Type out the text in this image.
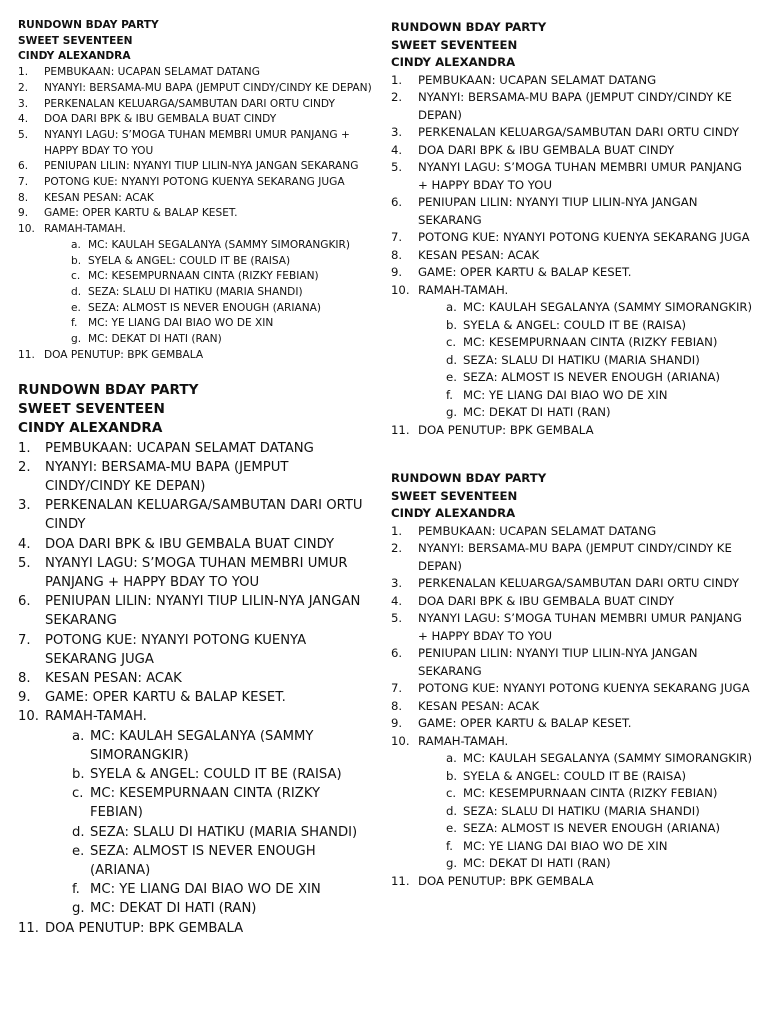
RUNDOWN BDAY PARTY
SWEET SEVENTEEN
CINDY ALEXANDRA
1. PEMBUKAAN: UCAPAN SELAMAT DATANG
2. NYANYI: BERSAMA-MU BAPA (JEMPUT CINDY/CINDY KE DEPAN)
3. PERKENALAN KELUARGA/SAMBUTAN DARI ORTU CINDY
4. DOA DARI BPK & IBU GEMBALA BUAT CINDY
5. NYANYI LAGU: S’MOGA TUHAN MEMBRI UMUR PANJANG + HAPPY BDAY TO YOU
6. PENIUPAN LILIN: NYANYI TIUP LILIN-NYA JANGAN SEKARANG
7. POTONG KUE: NYANYI POTONG KUENYA SEKARANG JUGA
8. KESAN PESAN: ACAK
9. GAME: OPER KARTU & BALAP KESET.
10. RAMAH-TAMAH.
a. MC: KAULAH SEGALANYA (SAMMY SIMORANGKIR)
b. SYELA & ANGEL: COULD IT BE (RAISA)
c. MC: KESEMPURNAAN CINTA (RIZKY FEBIAN)
d. SEZA: SLALU DI HATIKU (MARIA SHANDI)
e. SEZA: ALMOST IS NEVER ENOUGH (ARIANA)
f. MC: YE LIANG DAI BIAO WO DE XIN
g. MC: DEKAT DI HATI (RAN)
11. DOA PENUTUP: BPK GEMBALA
RUNDOWN BDAY PARTY
SWEET SEVENTEEN
CINDY ALEXANDRA
1. PEMBUKAAN: UCAPAN SELAMAT DATANG
2. NYANYI: BERSAMA-MU BAPA (JEMPUT CINDY/CINDY KE DEPAN)
3. PERKENALAN KELUARGA/SAMBUTAN DARI ORTU CINDY
4. DOA DARI BPK & IBU GEMBALA BUAT CINDY
5. NYANYI LAGU: S’MOGA TUHAN MEMBRI UMUR PANJANG + HAPPY BDAY TO YOU
6. PENIUPAN LILIN: NYANYI TIUP LILIN-NYA JANGAN SEKARANG
7. POTONG KUE: NYANYI POTONG KUENYA SEKARANG JUGA
8. KESAN PESAN: ACAK
9. GAME: OPER KARTU & BALAP KESET.
10. RAMAH-TAMAH.
a. MC: KAULAH SEGALANYA (SAMMY SIMORANGKIR)
b. SYELA & ANGEL: COULD IT BE (RAISA)
c. MC: KESEMPURNAAN CINTA (RIZKY FEBIAN)
d. SEZA: SLALU DI HATIKU (MARIA SHANDI)
e. SEZA: ALMOST IS NEVER ENOUGH (ARIANA)
f. MC: YE LIANG DAI BIAO WO DE XIN
g. MC: DEKAT DI HATI (RAN)
11. DOA PENUTUP: BPK GEMBALA
RUNDOWN BDAY PARTY
SWEET SEVENTEEN
CINDY ALEXANDRA
1. PEMBUKAAN: UCAPAN SELAMAT DATANG
2. NYANYI: BERSAMA-MU BAPA (JEMPUT CINDY/CINDY KE DEPAN)
3. PERKENALAN KELUARGA/SAMBUTAN DARI ORTU CINDY
4. DOA DARI BPK & IBU GEMBALA BUAT CINDY
5. NYANYI LAGU: S’MOGA TUHAN MEMBRI UMUR PANJANG + HAPPY BDAY TO YOU
6. PENIUPAN LILIN: NYANYI TIUP LILIN-NYA JANGAN SEKARANG
7. POTONG KUE: NYANYI POTONG KUENYA SEKARANG JUGA
8. KESAN PESAN: ACAK
9. GAME: OPER KARTU & BALAP KESET.
10. RAMAH-TAMAH.
a. MC: KAULAH SEGALANYA (SAMMY SIMORANGKIR)
b. SYELA & ANGEL: COULD IT BE (RAISA)
c. MC: KESEMPURNAAN CINTA (RIZKY FEBIAN)
d. SEZA: SLALU DI HATIKU (MARIA SHANDI)
e. SEZA: ALMOST IS NEVER ENOUGH (ARIANA)
f. MC: YE LIANG DAI BIAO WO DE XIN
g. MC: DEKAT DI HATI (RAN)
11. DOA PENUTUP: BPK GEMBALA
RUNDOWN BDAY PARTY
SWEET SEVENTEEN
CINDY ALEXANDRA
1. PEMBUKAAN: UCAPAN SELAMAT DATANG
2. NYANYI: BERSAMA-MU BAPA (JEMPUT CINDY/CINDY KE DEPAN)
3. PERKENALAN KELUARGA/SAMBUTAN DARI ORTU CINDY
4. DOA DARI BPK & IBU GEMBALA BUAT CINDY
5. NYANYI LAGU: S’MOGA TUHAN MEMBRI UMUR PANJANG + HAPPY BDAY TO YOU
6. PENIUPAN LILIN: NYANYI TIUP LILIN-NYA JANGAN SEKARANG
7. POTONG KUE: NYANYI POTONG KUENYA SEKARANG JUGA
8. KESAN PESAN: ACAK
9. GAME: OPER KARTU & BALAP KESET.
10. RAMAH-TAMAH.
a. MC: KAULAH SEGALANYA (SAMMY SIMORANGKIR)
b. SYELA & ANGEL: COULD IT BE (RAISA)
c. MC: KESEMPURNAAN CINTA (RIZKY FEBIAN)
d. SEZA: SLALU DI HATIKU (MARIA SHANDI)
e. SEZA: ALMOST IS NEVER ENOUGH (ARIANA)
f. MC: YE LIANG DAI BIAO WO DE XIN
g. MC: DEKAT DI HATI (RAN)
11. DOA PENUTUP: BPK GEMBALA
